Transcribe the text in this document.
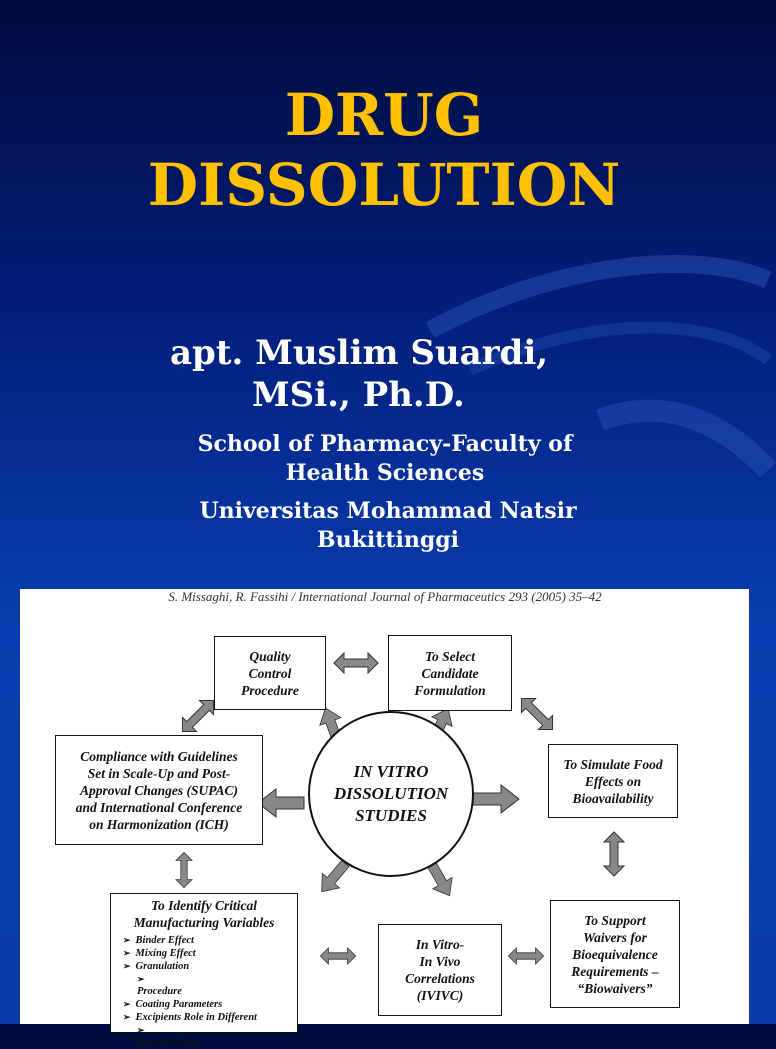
DRUG
DISSOLUTION
apt. Muslim Suardi,
MSi., Ph.D.
School of Pharmacy-Faculty of
Health Sciences
Universitas Mohammad Natsir
Bukittinggi
S. Missaghi, R. Fassihi / International Journal of Pharmaceutics 293 (2005) 35–42
IN VITRO
DISSOLUTION
STUDIES
Quality
Control
Procedure
To Select
Candidate
Formulation
To Simulate Food
Effects on
Bioavailability
Compliance with Guidelines
Set in Scale-Up and Post-
Approval Changes (SUPAC)
and International Conference
on Harmonization (ICH)
To Identify Critical
Manufacturing Variables
➢ Binder Effect
➢ Mixing Effect
➢ Granulation
➢ Procedure
➢ Coating Parameters
➢ Excipients Role in Different
➢ Dosage Forms
In Vitro-
In Vivo
Correlations
(IVIVC)
To Support
Waivers for
Bioequivalence
Requirements –
“Biowaivers”
